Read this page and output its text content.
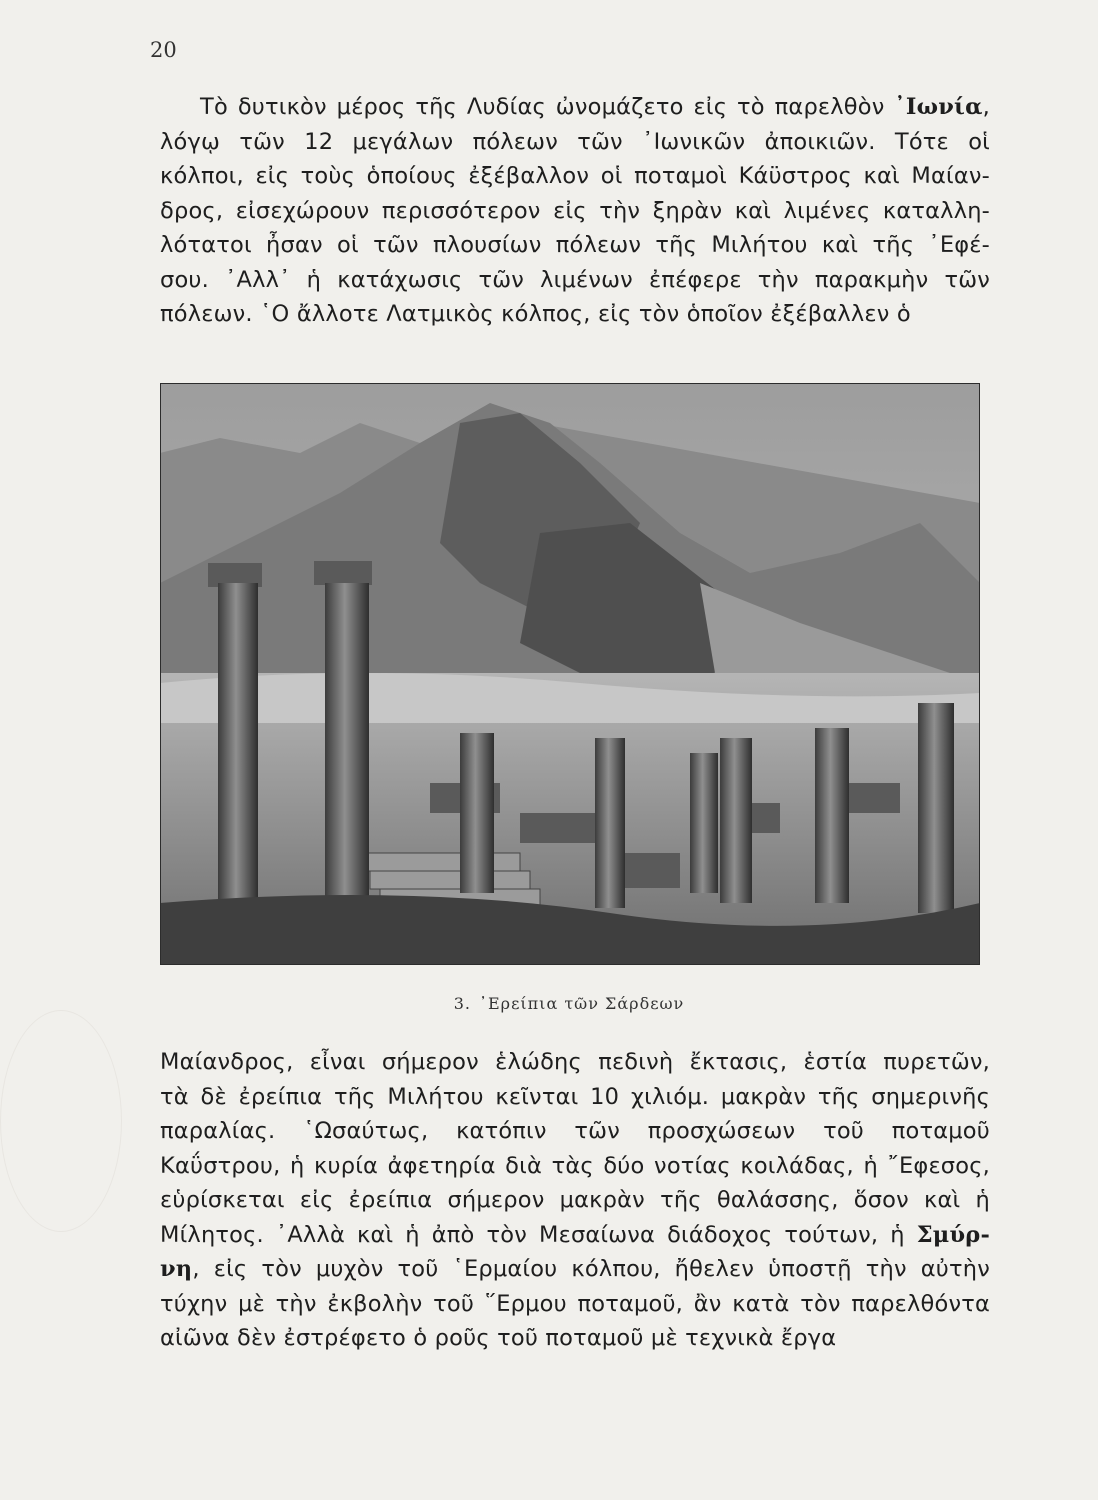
20
Τὸ δυτικὸν μέρος τῆς Λυδίας ὠνομάζετο εἰς τὸ παρελθὸν ᾿Ιωνία,
λόγῳ τῶν 12 μεγάλων πόλεων τῶν ᾿Ιωνικῶν ἀποικιῶν. Τότε οἱ
κόλποι, εἰς τοὺς ὁποίους ἐξέβαλλον οἱ ποταμοὶ Κάϋστρος καὶ Μαίαν-
δρος, εἰσεχώρουν περισσότερον εἰς τὴν ξηρὰν καὶ λιμένες καταλλη-
λότατοι ἦσαν οἱ τῶν πλουσίων πόλεων τῆς Μιλήτου καὶ τῆς ᾿Εφέ-
σου. ᾿Αλλ᾿ ἡ κατάχωσις τῶν λιμένων ἐπέφερε τὴν παρακμὴν τῶν
πόλεων. ῾Ο ἄλλοτε Λατμικὸς κόλπος, εἰς τὸν ὁποῖον ἐξέβαλλεν ὁ
3. ᾿Ερείπια τῶν Σάρδεων
Μαίανδρος, εἶναι σήμερον ἑλώδης πεδινὴ ἔκτασις, ἑστία πυρετῶν,
τὰ δὲ ἐρείπια τῆς Μιλήτου κεῖνται 10 χιλιόμ. μακρὰν τῆς σημερινῆς
παραλίας. ῾Ωσαύτως, κατόπιν τῶν προσχώσεων τοῦ ποταμοῦ
Καΰστρου, ἡ κυρία ἀφετηρία διὰ τὰς δύο νοτίας κοιλάδας, ἡ ῎Εφεσος,
εὑρίσκεται εἰς ἐρείπια σήμερον μακρὰν τῆς θαλάσσης, ὅσον καὶ ἡ
Μίλητος. ᾿Αλλὰ καὶ ἡ ἀπὸ τὸν Μεσαίωνα διάδοχος τούτων, ἡ Σμύρ-
νη, εἰς τὸν μυχὸν τοῦ ῾Ερμαίου κόλπου, ἤθελεν ὑποστῇ τὴν αὐτὴν
τύχην μὲ τὴν ἐκβολὴν τοῦ ῞Ερμου ποταμοῦ, ἂν κατὰ τὸν παρελθόντα
αἰῶνα δὲν ἐστρέφετο ὁ ροῦς τοῦ ποταμοῦ μὲ τεχνικὰ ἔργα
